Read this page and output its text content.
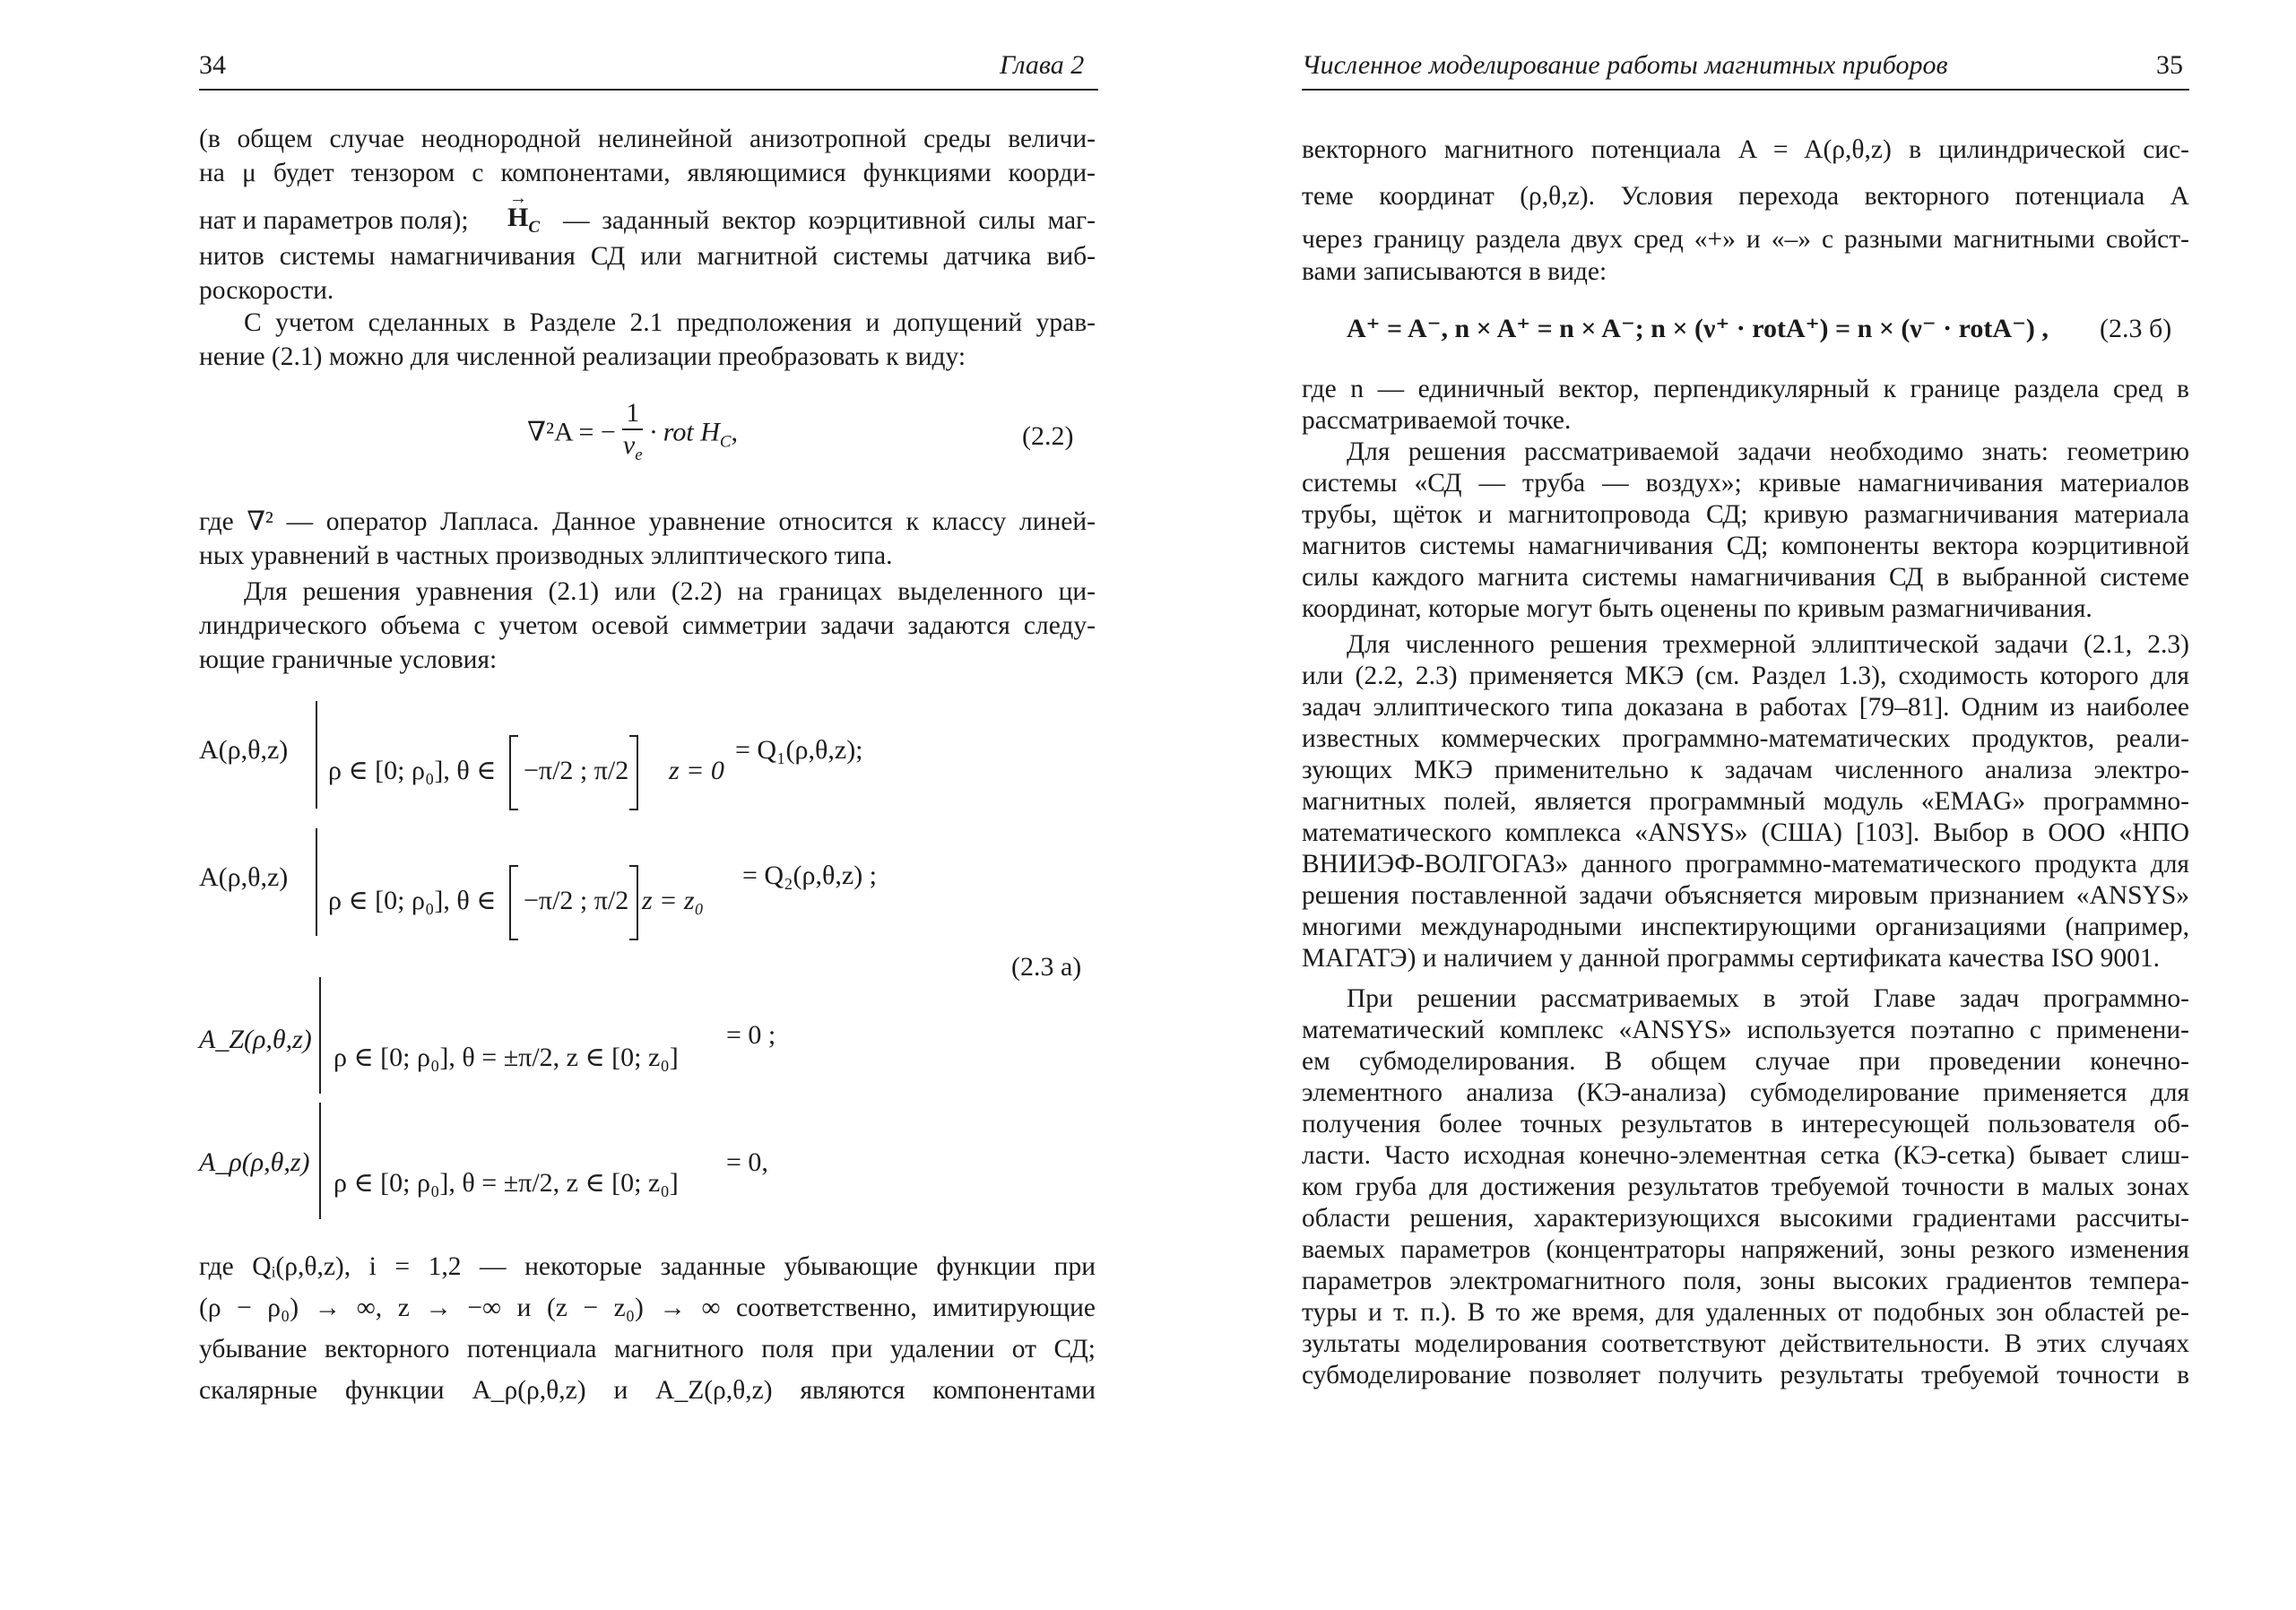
34	Глава 2
(в общем случае неоднородной нелинейной анизотропной среды величи-
на μ будет тензором с компонентами, являющимися функциями коорди-
нат и параметров поля);
→	$H_C$ — заданный вектор коэрцитивной силы маг-
нитов системы намагничивания СД или магнитной системы датчика виб-
роскорости.
С учетом сделанных в Разделе 2.1 предположения и допущений урав-
нение (2.1) можно для численной реализации преобразовать к виду:
∇²A = − $\frac{1}{\nu_e}$ · rot $H_C$,	(2.2)
где ∇² — оператор Лапласа. Данное уравнение относится к классу линей-
ных уравнений в частных производных эллиптического типа.
Для решения уравнения (2.1) или (2.2) на границах выделенного ци-
линдрического объема с учетом осевой симметрии задачи задаются следу-
ющие граничные условия:
A(ρ,θ,z)
ρ ∈ [0; ρ₀], θ ∈ −π/2 ; π/2 z = 0
= Q₁(ρ,θ,z);
A(ρ,θ,z)
ρ ∈ [0; ρ₀], θ ∈ −π/2 ; π/2 z = z₀
= Q₂(ρ,θ,z) ;
(2.3 а)
A_Z(ρ,θ,z)
ρ ∈ [0; ρ₀], θ = ±π/2, z ∈ [0; z₀]
= 0 ;
A_ρ(ρ,θ,z)
ρ ∈ [0; ρ₀], θ = ±π/2, z ∈ [0; z₀]
= 0,
где Qᵢ(ρ,θ,z), i = 1,2 — некоторые заданные убывающие функции при
(ρ − ρ₀) → ∞, z → −∞ и (z − z₀) → ∞ соответственно, имитирующие
убывание векторного потенциала магнитного поля при удалении от СД;
скалярные функции A_ρ(ρ,θ,z) и A_Z(ρ,θ,z) являются компонентами
Численное моделирование работы магнитных приборов	35
векторного магнитного потенциала A = A(ρ,θ,z) в цилиндрической сис-
теме координат (ρ,θ,z). Условия перехода векторного потенциала A
через границу раздела двух сред «+» и «–» с разными магнитными свойст-
вами записываются в виде:
A⁺ = A⁻, n × A⁺ = n × A⁻; n × (ν⁺ · rotA⁺) = n × (ν⁻ · rotA⁻) , (2.3 б)
где n — единичный вектор, перпендикулярный к границе раздела сред в
рассматриваемой точке.
Для решения рассматриваемой задачи необходимо знать: геометрию
системы «СД — труба — воздух»; кривые намагничивания материалов
трубы, щёток и магнитопровода СД; кривую размагничивания материала
магнитов системы намагничивания СД; компоненты вектора коэрцитивной
силы каждого магнита системы намагничивания СД в выбранной системе
координат, которые могут быть оценены по кривым размагничивания.
Для численного решения трехмерной эллиптической задачи (2.1, 2.3)
или (2.2, 2.3) применяется МКЭ (см. Раздел 1.3), сходимость которого для
задач эллиптического типа доказана в работах [79–81]. Одним из наиболее
известных коммерческих программно-математических продуктов, реали-
зующих МКЭ применительно к задачам численного анализа электро-
магнитных полей, является программный модуль «EMAG» программно-
математического комплекса «ANSYS» (США) [103]. Выбор в ООО «НПО
ВНИИЭФ-ВОЛГОГАЗ» данного программно-математического продукта для
решения поставленной задачи объясняется мировым признанием «ANSYS»
многими международными инспектирующими организациями (например,
МАГАТЭ) и наличием у данной программы сертификата качества ISO 9001.
При решении рассматриваемых в этой Главе задач программно-
математический комплекс «ANSYS» используется поэтапно с применени-
ем субмоделирования. В общем случае при проведении конечно-
элементного анализа (КЭ-анализа) субмоделирование применяется для
получения более точных результатов в интересующей пользователя об-
ласти. Часто исходная конечно-элементная сетка (КЭ-сетка) бывает слиш-
ком груба для достижения результатов требуемой точности в малых зонах
области решения, характеризующихся высокими градиентами рассчиты-
ваемых параметров (концентраторы напряжений, зоны резкого изменения
параметров электромагнитного поля, зоны высоких градиентов темпера-
туры и т. п.). В то же время, для удаленных от подобных зон областей ре-
зультаты моделирования соответствуют действительности. В этих случаях
субмоделирование позволяет получить результаты требуемой точности в
